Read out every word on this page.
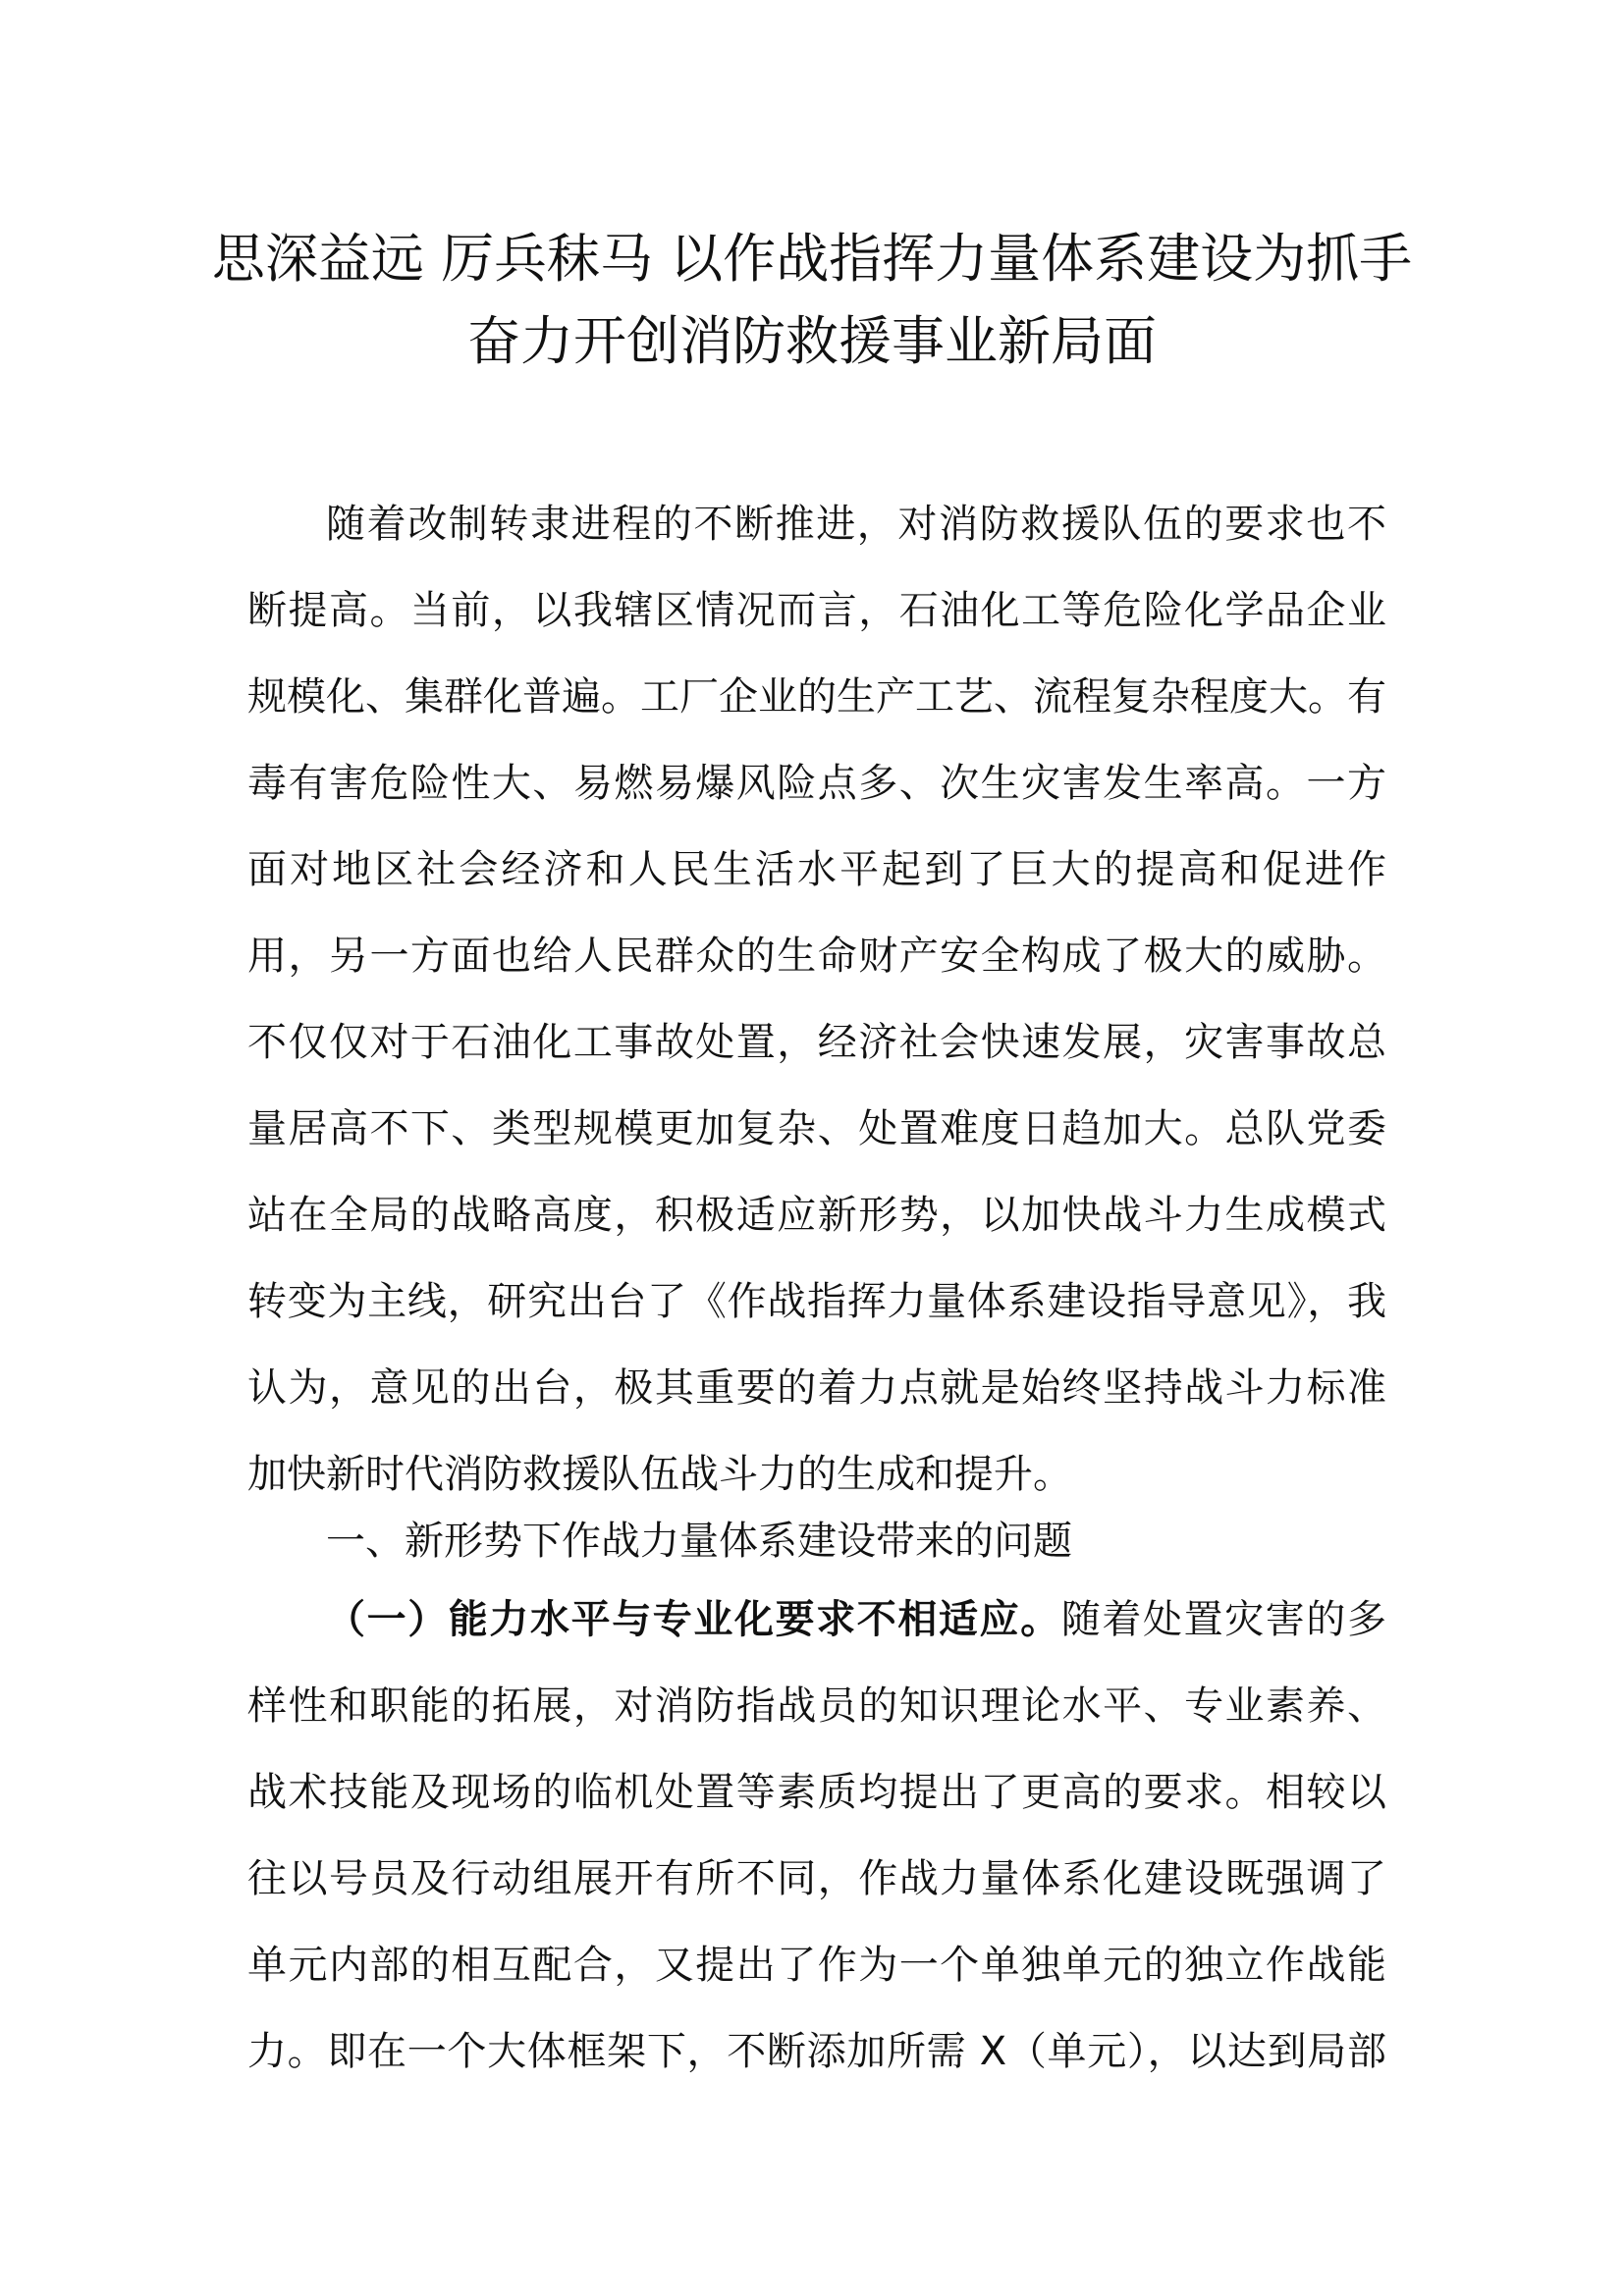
思深益远 厉兵秣马 以作战指挥力量体系建设为抓手
奋力开创消防救援事业新局面
随着改制转隶进程的不断推进，对消防救援队伍的要求也不
断提高。当前，以我辖区情况而言，石油化工等危险化学品企业
规模化、集群化普遍。工厂企业的生产工艺、流程复杂程度大。有
毒有害危险性大、易燃易爆风险点多、次生灾害发生率高。一方
面对地区社会经济和人民生活水平起到了巨大的提高和促进作
用，另一方面也给人民群众的生命财产安全构成了极大的威胁。
不仅仅对于石油化工事故处置，经济社会快速发展，灾害事故总
量居高不下、类型规模更加复杂、处置难度日趋加大。总队党委
站在全局的战略高度，积极适应新形势，以加快战斗力生成模式
转变为主线，研究出台了《作战指挥力量体系建设指导意见》，我
认为，意见的出台，极其重要的着力点就是始终坚持战斗力标准
加快新时代消防救援队伍战斗力的生成和提升。
一、新形势下作战力量体系建设带来的问题
（一）能力水平与专业化要求不相适应。随着处置灾害的多
样性和职能的拓展，对消防指战员的知识理论水平、专业素养、
战术技能及现场的临机处置等素质均提出了更高的要求。相较以
往以号员及行动组展开有所不同，作战力量体系化建设既强调了
单元内部的相互配合，又提出了作为一个单独单元的独立作战能
力。即在一个大体框架下，不断添加所需 X（单元），以达到局部
